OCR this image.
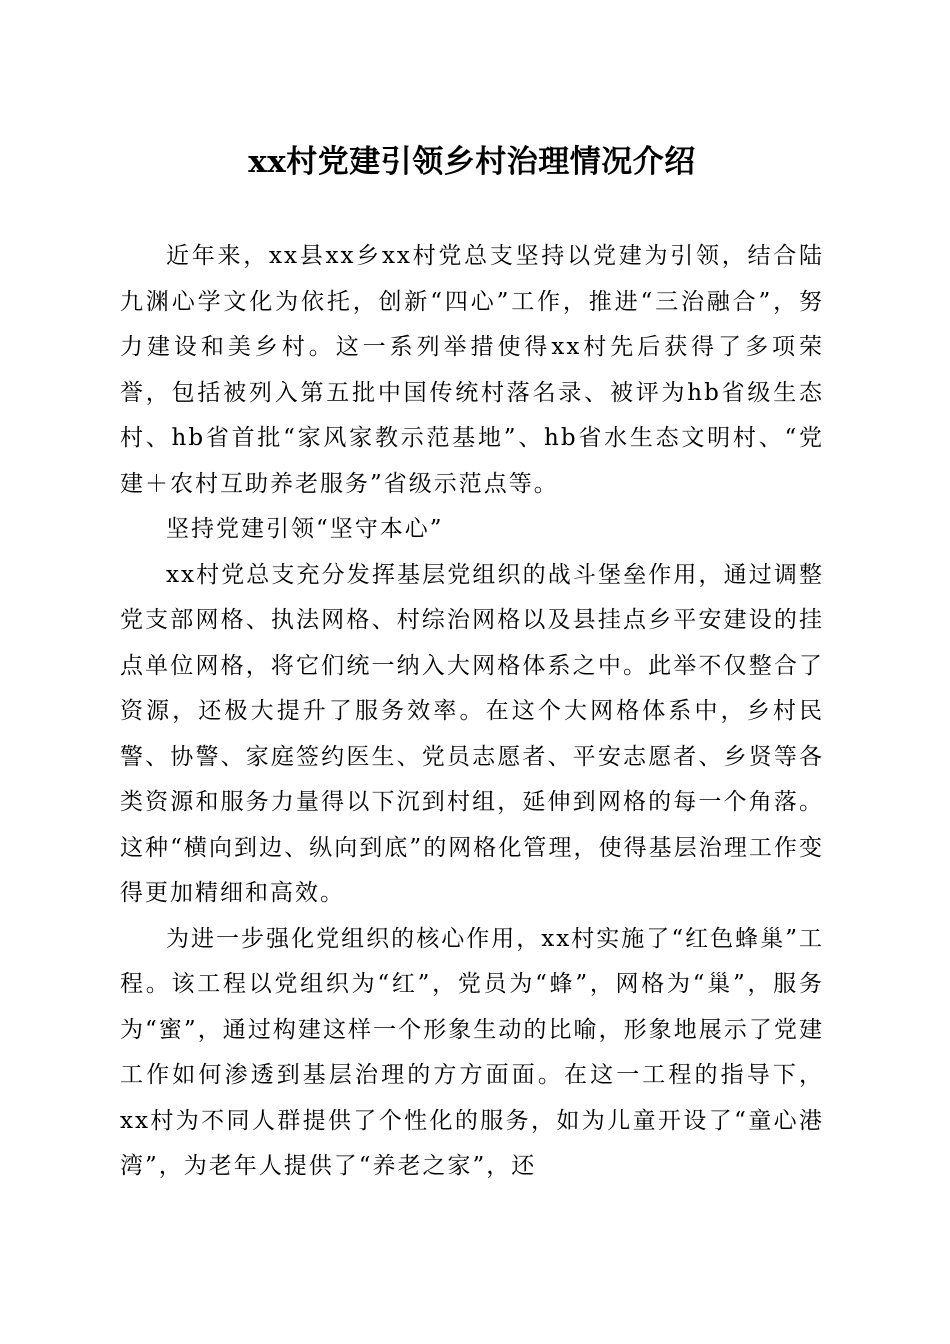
xx村党建引领乡村治理情况介绍

近年来，xx县xx乡xx村党总支坚持以党建为引领，结合陆九渊心学文化为依托，创新“四心”工作，推进“三治融合”，努力建设和美乡村。这一系列举措使得xx村先后获得了多项荣誉，包括被列入第五批中国传统村落名录、被评为hb省级生态村、hb省首批“家风家教示范基地”、hb省水生态文明村、“党建＋农村互助养老服务”省级示范点等。

坚持党建引领“坚守本心”

xx村党总支充分发挥基层党组织的战斗堡垒作用，通过调整党支部网格、执法网格、村综治网格以及县挂点乡平安建设的挂点单位网格，将它们统一纳入大网格体系之中。此举不仅整合了资源，还极大提升了服务效率。在这个大网格体系中，乡村民警、协警、家庭签约医生、党员志愿者、平安志愿者、乡贤等各类资源和服务力量得以下沉到村组，延伸到网格的每一个角落。这种“横向到边、纵向到底”的网格化管理，使得基层治理工作变得更加精细和高效。

为进一步强化党组织的核心作用，xx村实施了“红色蜂巢”工程。该工程以党组织为“红”，党员为“蜂”，网格为“巢”，服务为“蜜”，通过构建这样一个形象生动的比喻，形象地展示了党建工作如何渗透到基层治理的方方面面。在这一工程的指导下，xx村为不同人群提供了个性化的服务，如为儿童开设了“童心港湾”，为老年人提供了“养老之家”，还
